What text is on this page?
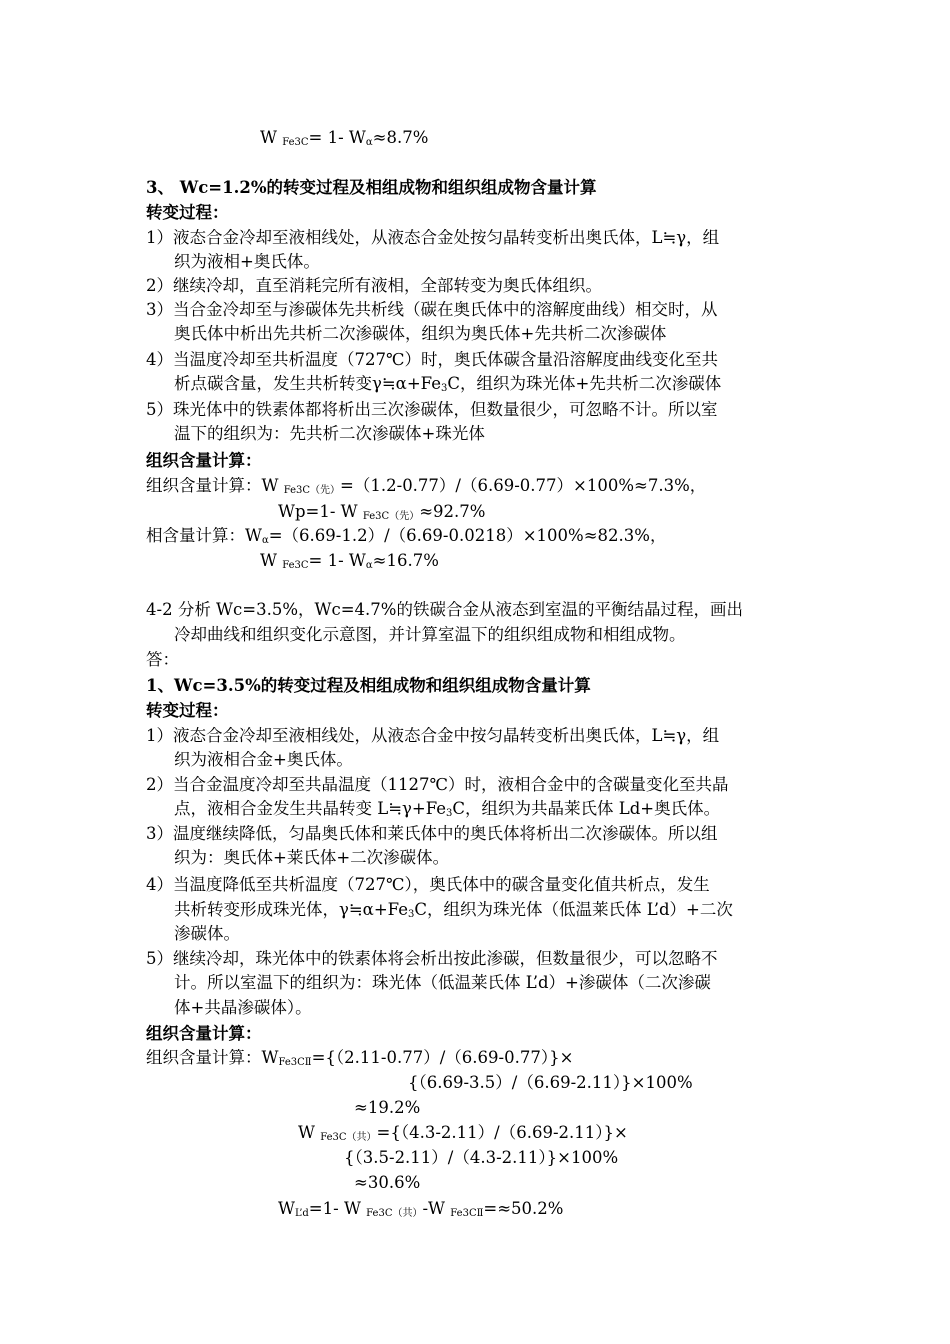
W $_{Fe3C}$= 1- $W_\alpha\approx 8.7\%$
3、 Wc=1.2%的转变过程及相组成物和组织组成物含量计算
转变过程：
1）液态合金冷却至液相线处，从液态合金处按匀晶转变析出奥氏体，L≒γ，组
织为液相+奥氏体。
2）继续冷却，直至消耗完所有液相，全部转变为奥氏体组织。
3）当合金冷却至与渗碳体先共析线（碳在奥氏体中的溶解度曲线）相交时，从
奥氏体中析出先共析二次渗碳体，组织为奥氏体+先共析二次渗碳体
4）当温度冷却至共析温度（727℃）时，奥氏体碳含量沿溶解度曲线变化至共
析点碳含量，发生共析转变$\gamma≒\alpha+Fe_3C$，组织为珠光体+先共析二次渗碳体
5）珠光体中的铁素体都将析出三次渗碳体，但数量很少，可忽略不计。所以室
温下的组织为：先共析二次渗碳体+珠光体
组织含量计算：
组织含量计算：W $_{Fe3C(先)}$=（1.2-0.77）/（6.69-0.77）×100%≈7.3%，
Wp=1- W $_{Fe3C(先)}$≈92.7%
相含量计算：$W_\alpha=(6.69-1.2)/(6.69-0.0218)\times 100\%\approx 82.3\%$，
W $_{Fe3C}$= 1- $W_\alpha\approx 16.7\%$
4-2 分析 Wc=3.5%，Wc=4.7%的铁碳合金从液态到室温的平衡结晶过程，画出
冷却曲线和组织变化示意图，并计算室温下的组织组成物和相组成物。
答：
1、Wc=3.5%的转变过程及相组成物和组织组成物含量计算
转变过程：
1）液态合金冷却至液相线处，从液态合金中按匀晶转变析出奥氏体，L≒γ，组
织为液相合金+奥氏体。
2）当合金温度冷却至共晶温度（1127℃）时，液相合金中的含碳量变化至共晶
点，液相合金发生共晶转变 $L≒\gamma+Fe_3C$，组织为共晶莱氏体 Ld+奥氏体。
3）温度继续降低，匀晶奥氏体和莱氏体中的奥氏体将析出二次渗碳体。所以组
织为：奥氏体+莱氏体+二次渗碳体。
4）当温度降低至共析温度（727℃），奥氏体中的碳含量变化值共析点，发生
共析转变形成珠光体，$\gamma≒\alpha+Fe_3C$，组织为珠光体（低温莱氏体 L’d）+二次
渗碳体。
5）继续冷却，珠光体中的铁素体将会析出按此渗碳，但数量很少，可以忽略不
计。所以室温下的组织为：珠光体（低温莱氏体 L’d）+渗碳体（二次渗碳
体+共晶渗碳体）。
组织含量计算：
组织含量计算：$W_{Fe3CⅡ}=\{(2.11-0.77)/(6.69-0.77)\}\times$
{（6.69-3.5）/（6.69-2.11）}×100%
≈19.2%
W $_{Fe3C(共)}$={（4.3-2.11）/（6.69-2.11）}×
{（3.5-2.11）/（4.3-2.11）}×100%
≈30.6%
$W_{L’d}=1-$ W $_{Fe3C(共)}$-W $_{Fe3CⅡ}$=≈50.2%
